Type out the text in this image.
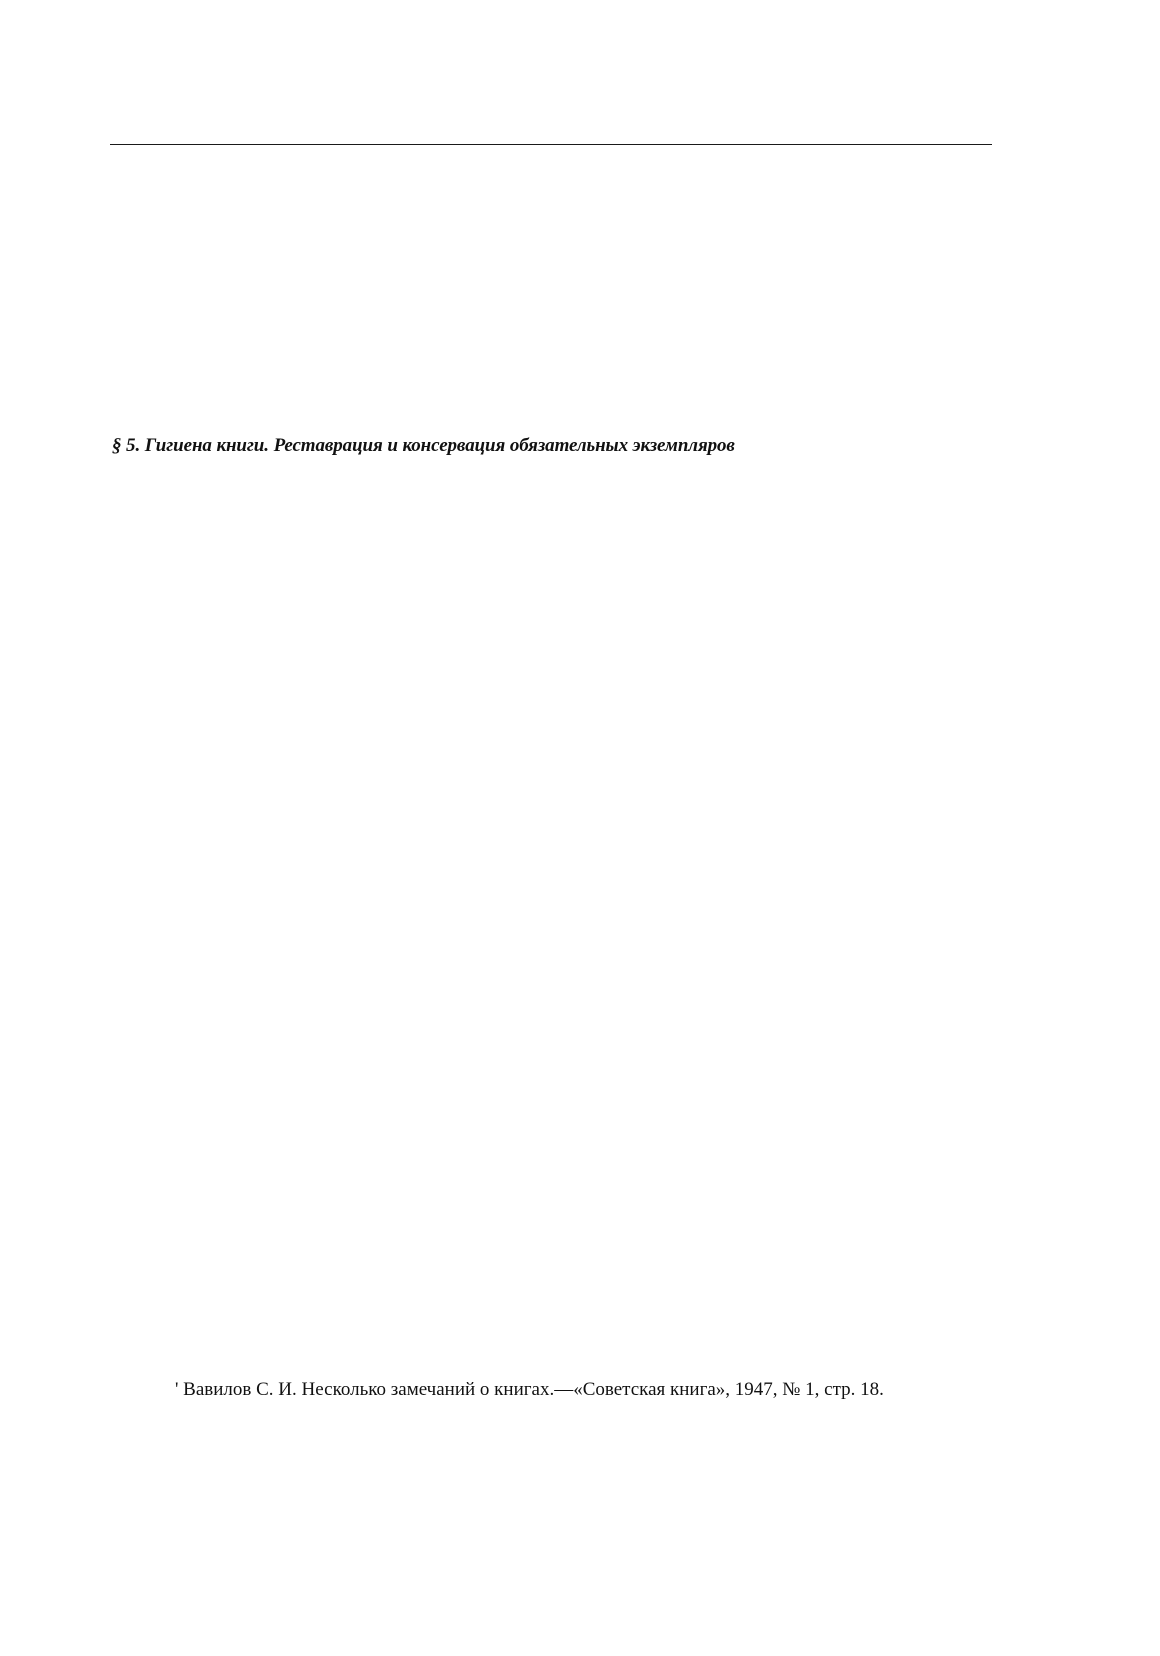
§ 5. Гигиена книги. Реставрация и консервация обязательных экземпляров

' Вавилов С. И. Несколько замечаний о книгах.—«Советская книга», 1947, № 1, стр. 18.
